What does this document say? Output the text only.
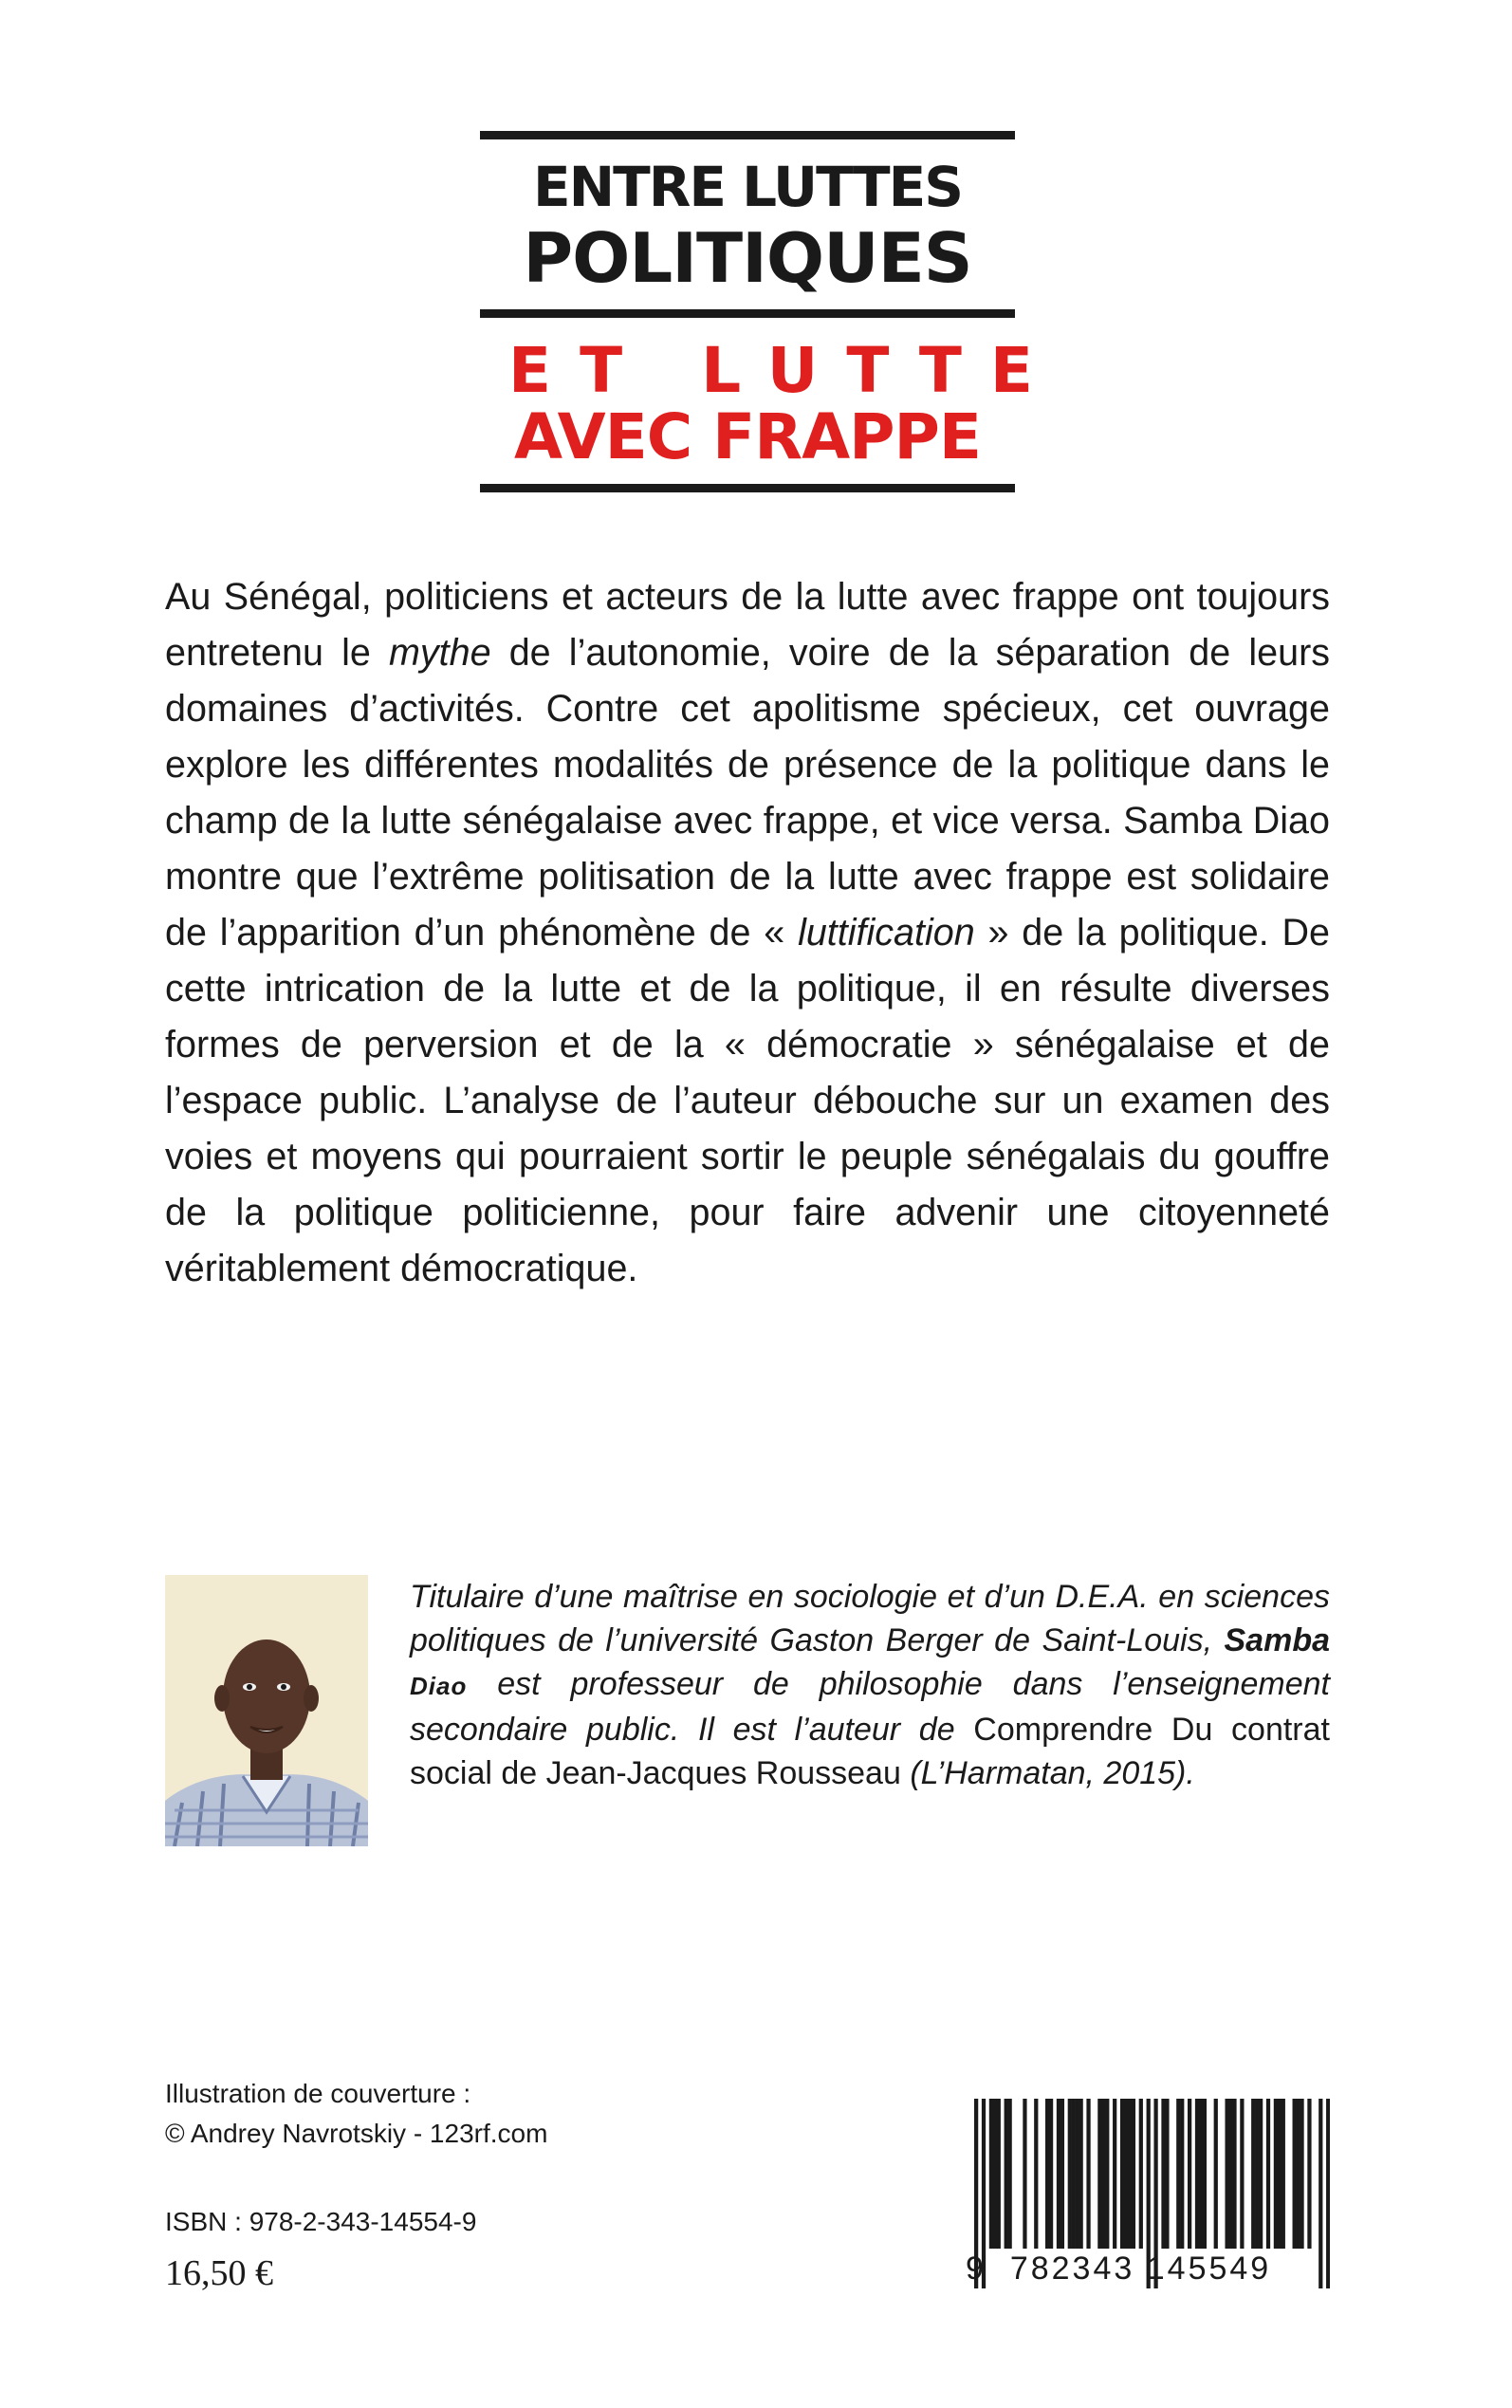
ENTRE LUTTES
POLITIQUES
ET LUTTE
AVEC FRAPPE

Au Sénégal, politiciens et acteurs de la lutte avec frappe ont toujours entretenu le mythe de l’autonomie, voire de la séparation de leurs domaines d’activités. Contre cet apolitisme spécieux, cet ouvrage explore les différentes modalités de présence de la politique dans le champ de la lutte sénégalaise avec frappe, et vice versa. Samba Diao montre que l’extrême politisation de la lutte avec frappe est solidaire de l’apparition d’un phénomène de « luttification » de la politique. De cette intrication de la lutte et de la politique, il en résulte diverses formes de perversion et de la « démocratie » sénégalaise et de l’espace public. L’analyse de l’auteur débouche sur un examen des voies et moyens qui pourraient sortir le peuple sénégalais du gouffre de la politique politicienne, pour faire advenir une citoyenneté véritablement démocratique.

Titulaire d’une maîtrise en sociologie et d’un D.E.A. en sciences politiques de l’université Gaston Berger de Saint-Louis, Samba Diao est professeur de philosophie dans l’enseignement secondaire public. Il est l’auteur de Comprendre Du contrat social de Jean-Jacques Rousseau (L’Harmatan, 2015).

Illustration de couverture :
© Andrey Navrotskiy - 123rf.com
ISBN : 978-2-343-14554-9
16,50 €	9 782343 145549
